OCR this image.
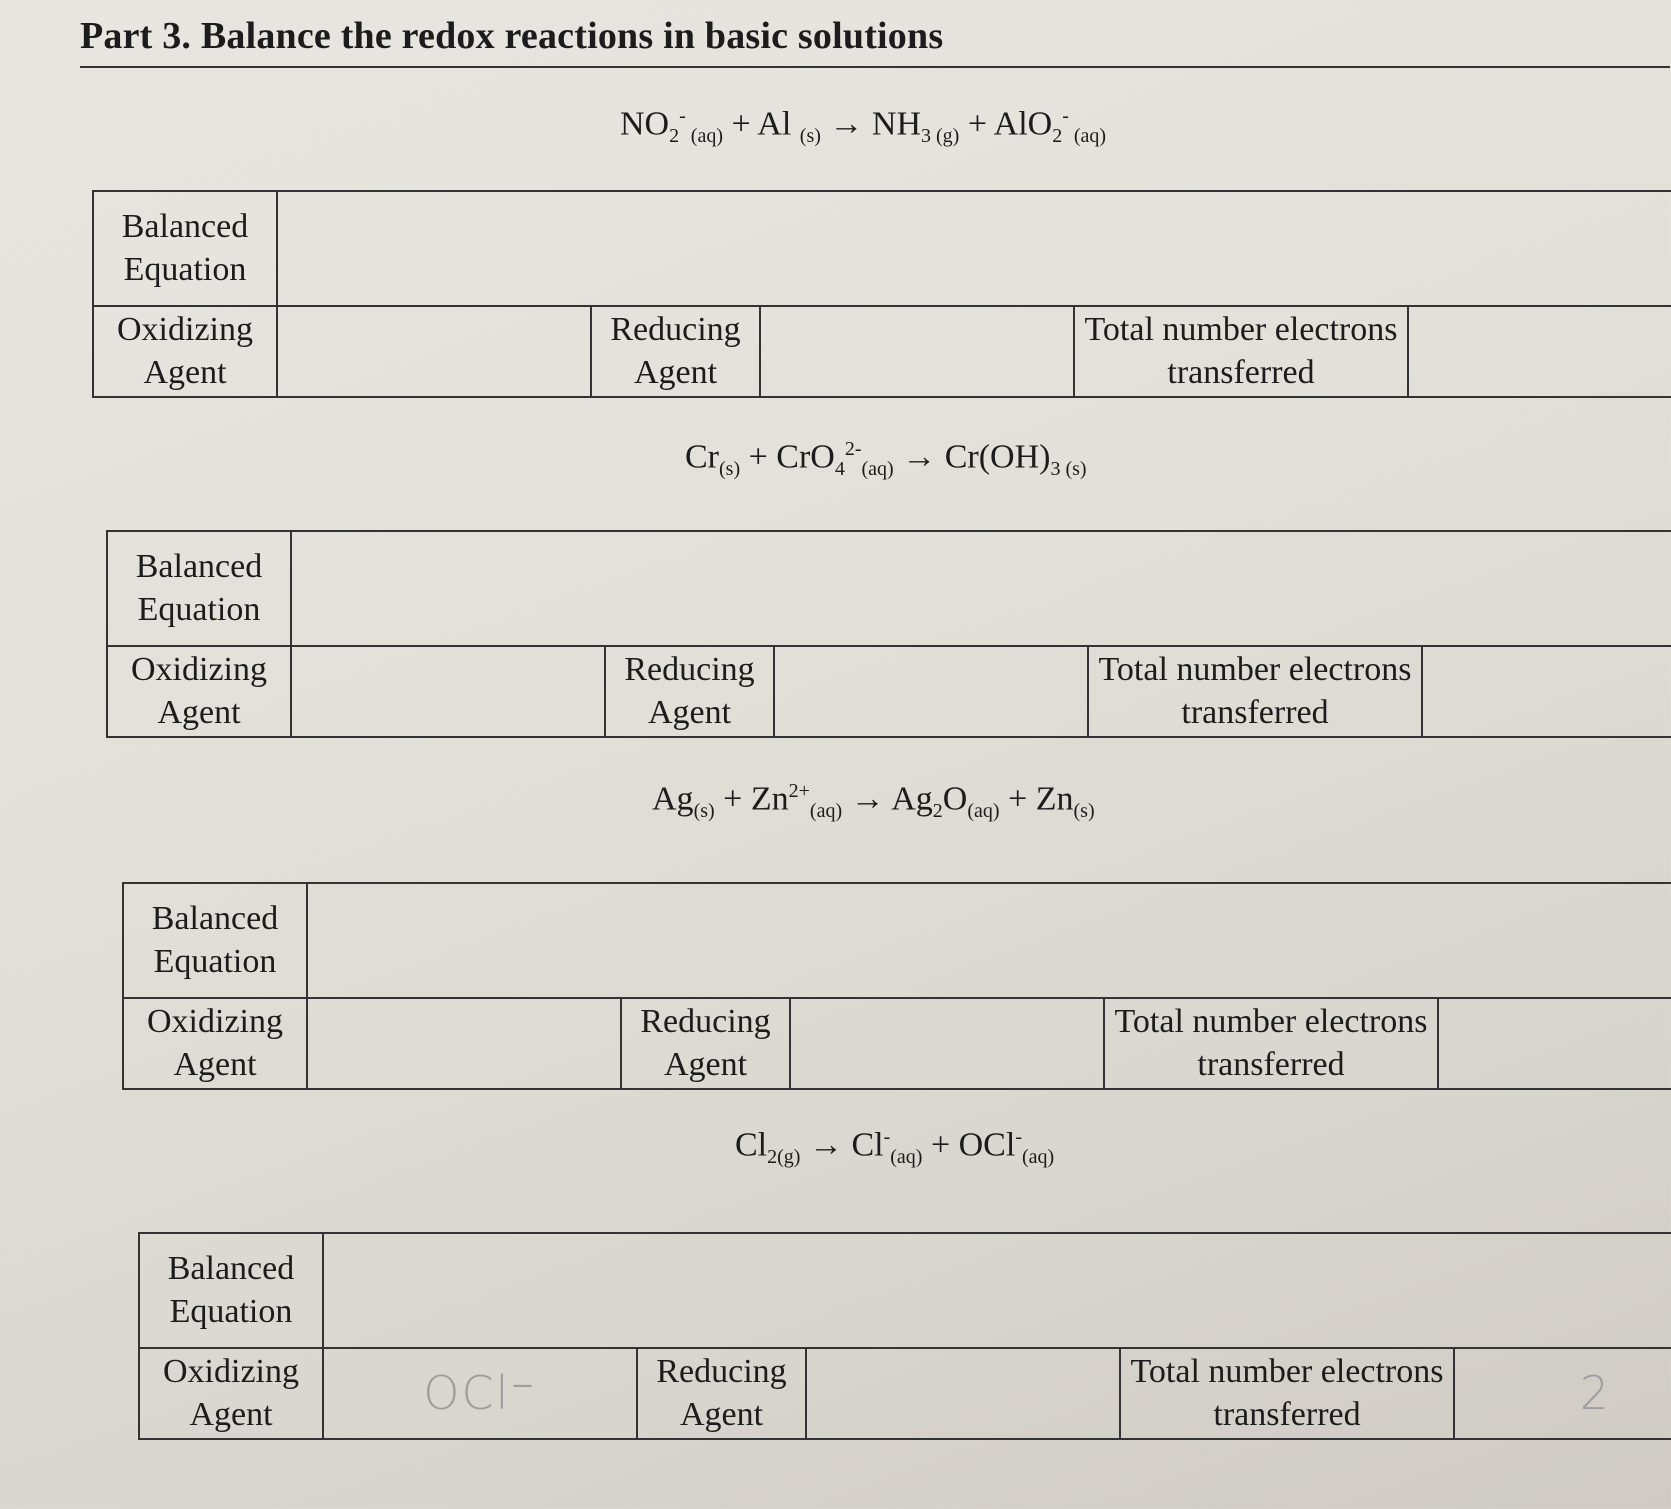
Part 3. Balance the redox reactions in basic solutions
$NO_2^-$ $_{(aq)}$ + Al $_{(s)} \to NH_{3 (g)} + AlO_2^-$ $_{(aq)}$
Balanced Equation					
Oxidizing Agent		Reducing Agent		Total number electrons transferred	
$Cr_{(s)} + CrO_4^{2-}_{(aq)} \to Cr(OH)_{3 (s)}$
Balanced Equation					
Oxidizing Agent		Reducing Agent		Total number electrons transferred	
$Ag_{(s)} + Zn^{2+}_{(aq)} \to Ag_2O_{(aq)} + Zn_{(s)}$
Balanced Equation					
Oxidizing Agent		Reducing Agent		Total number electrons transferred	
$Cl_{2(g)} \to Cl^-_{(aq)} + OCl^-_{(aq)}$
Balanced Equation					
Oxidizing Agent	OCl⁻	Reducing Agent		Total number electrons transferred	2
